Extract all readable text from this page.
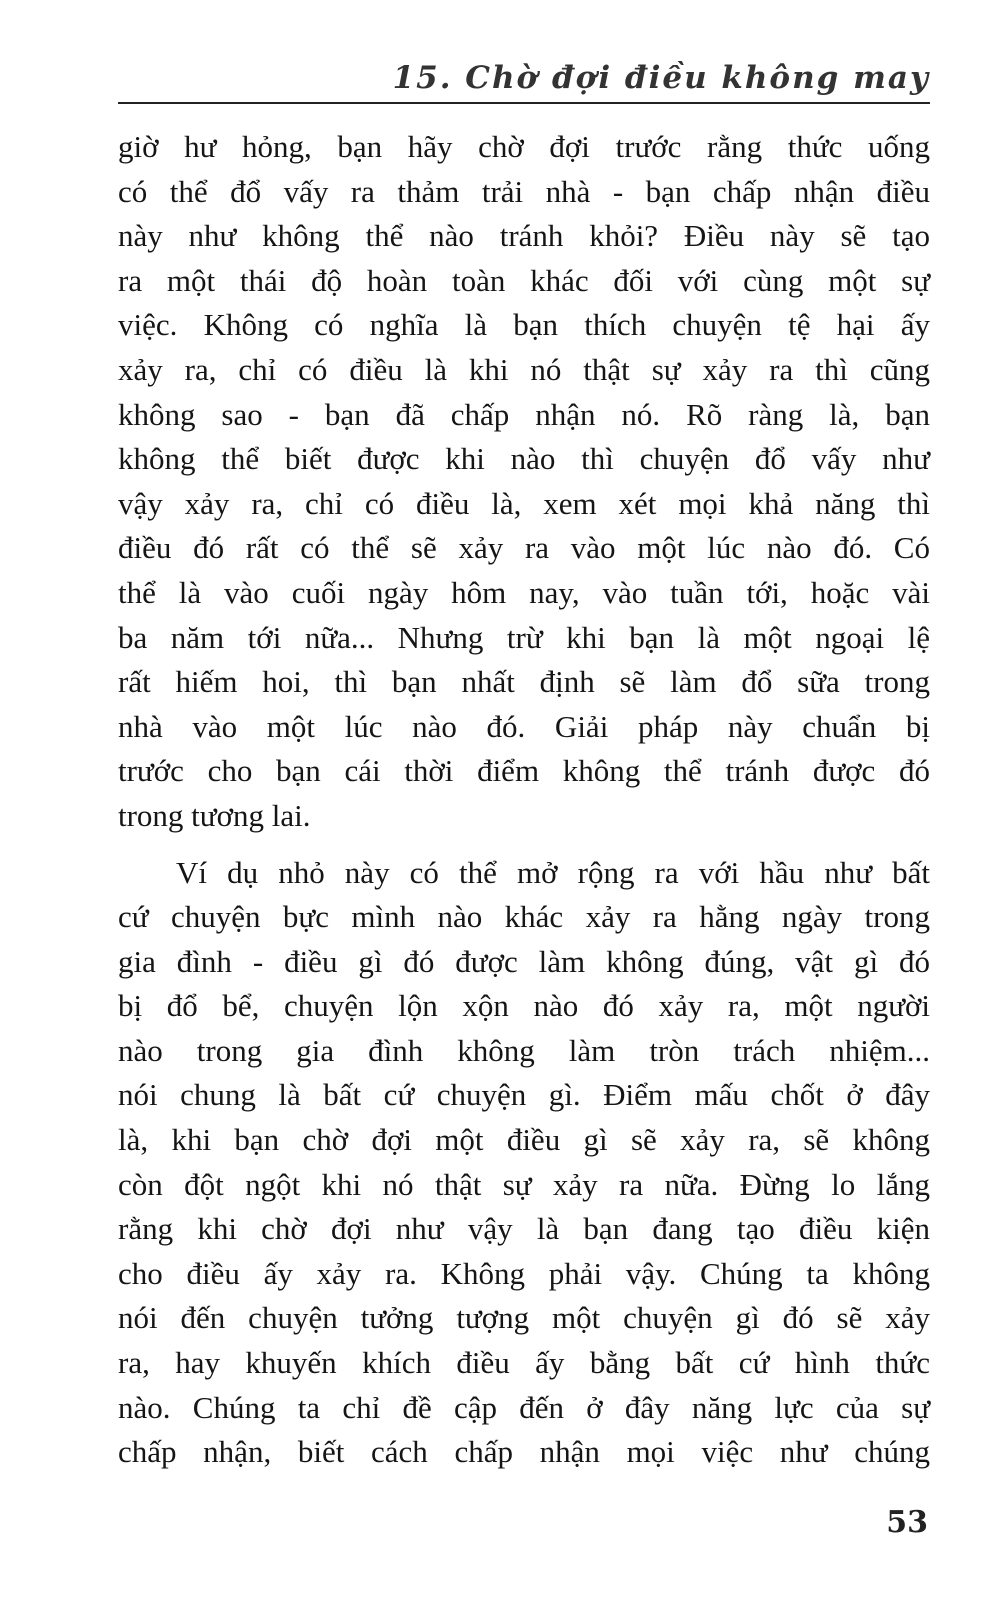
15. Chờ đợi điều không may
giờ hư hỏng, bạn hãy chờ đợi trước rằng thức uống
có thể đổ vấy ra thảm trải nhà - bạn chấp nhận điều
này như không thể nào tránh khỏi? Điều này sẽ tạo
ra một thái độ hoàn toàn khác đối với cùng một sự
việc. Không có nghĩa là bạn thích chuyện tệ hại ấy
xảy ra, chỉ có điều là khi nó thật sự xảy ra thì cũng
không sao - bạn đã chấp nhận nó. Rõ ràng là, bạn
không thể biết được khi nào thì chuyện đổ vấy như
vậy xảy ra, chỉ có điều là, xem xét mọi khả năng thì
điều đó rất có thể sẽ xảy ra vào một lúc nào đó. Có
thể là vào cuối ngày hôm nay, vào tuần tới, hoặc vài
ba năm tới nữa... Nhưng trừ khi bạn là một ngoại lệ
rất hiếm hoi, thì bạn nhất định sẽ làm đổ sữa trong
nhà vào một lúc nào đó. Giải pháp này chuẩn bị
trước cho bạn cái thời điểm không thể tránh được đó
trong tương lai.
Ví dụ nhỏ này có thể mở rộng ra với hầu như bất
cứ chuyện bực mình nào khác xảy ra hằng ngày trong
gia đình - điều gì đó được làm không đúng, vật gì đó
bị đổ bể, chuyện lộn xộn nào đó xảy ra, một người
nào trong gia đình không làm tròn trách nhiệm...
nói chung là bất cứ chuyện gì. Điểm mấu chốt ở đây
là, khi bạn chờ đợi một điều gì sẽ xảy ra, sẽ không
còn đột ngột khi nó thật sự xảy ra nữa. Đừng lo lắng
rằng khi chờ đợi như vậy là bạn đang tạo điều kiện
cho điều ấy xảy ra. Không phải vậy. Chúng ta không
nói đến chuyện tưởng tượng một chuyện gì đó sẽ xảy
ra, hay khuyến khích điều ấy bằng bất cứ hình thức
nào. Chúng ta chỉ đề cập đến ở đây năng lực của sự
chấp nhận, biết cách chấp nhận mọi việc như chúng
53
